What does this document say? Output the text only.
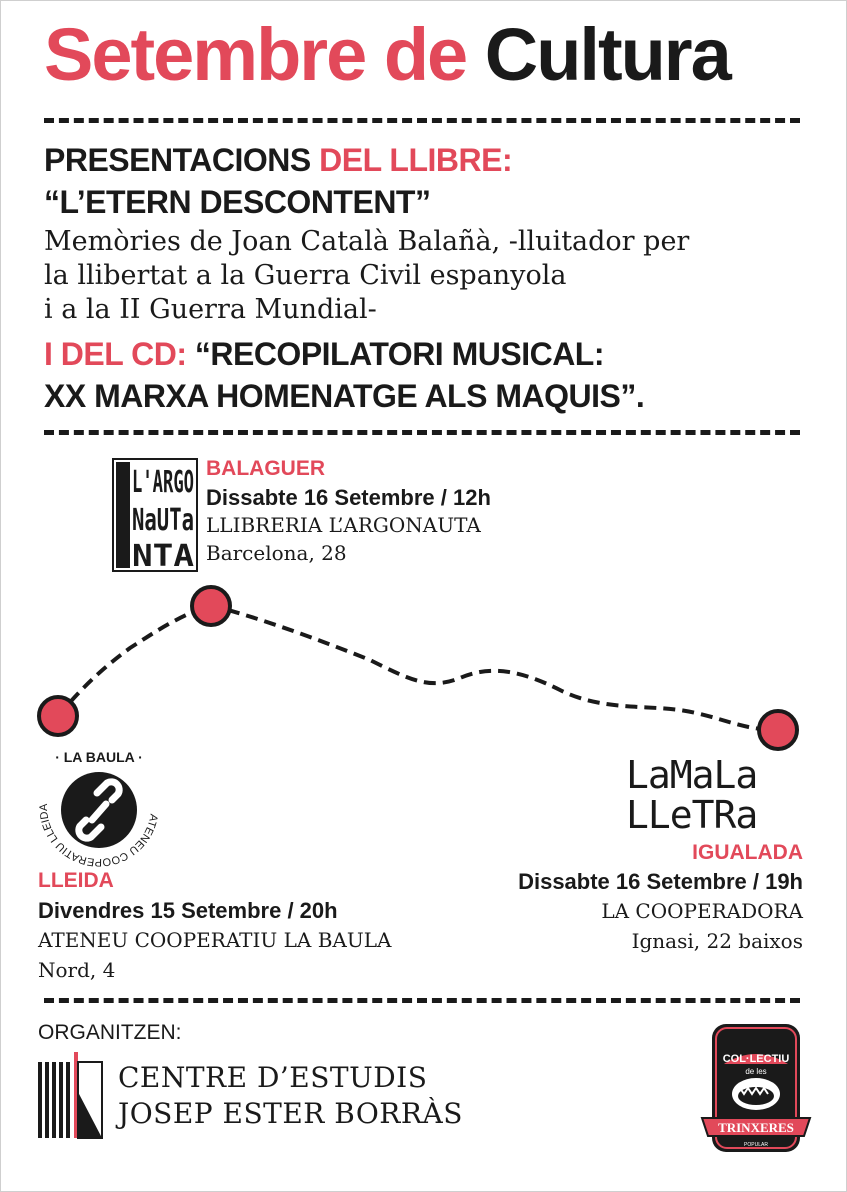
Setembre de Cultura
PRESENTACIONS DEL LLIBRE:
“L’ETERN DESCONTENT”
Memòries de Joan Català Balañà, -lluitador per
la llibertat a la Guerra Civil espanyola
i a la II Guerra Mundial-
I DEL CD: “RECOPILATORI MUSICAL:
XX MARXA HOMENATGE ALS MAQUIS”.
L'ARGO
NaUTa
NTA
BALAGUER
Dissabte 16 Setembre / 12h
LLIBRERIA L’ARGONAUTA
Barcelona, 28
· LA BAULA ·
ATENEU COOPERATIU LLEIDA
LaMaLa
LLeTRa
IGUALADA
Dissabte 16 Setembre / 19h
LA COOPERADORA
Ignasi, 22 baixos
LLEIDA
Divendres 15 Setembre / 20h
ATENEU COOPERATIU LA BAULA
Nord, 4
ORGANITZEN:
CENTRE D’ESTUDIS
JOSEP ESTER BORRÀS
COL·LECTIU
de les
TRINXERES
POPULAR
